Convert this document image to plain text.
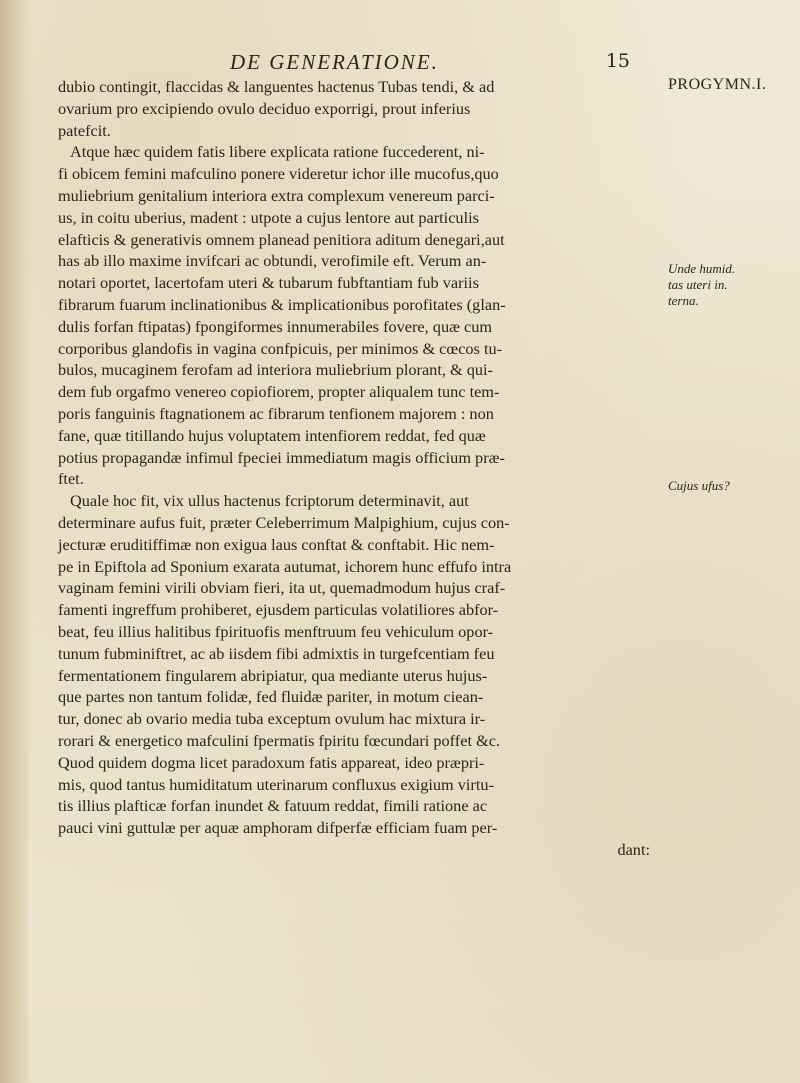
DE GENERATIONE.	15
dubio contingit, flaccidas & languentes hactenus Tubas tendi, & ad
ovarium pro excipiendo ovulo deciduo exporrigi, prout inferius
patefcit.
Atque hæc quidem fatis libere explicata ratione fuccederent, ni-
fi obicem femini mafculino ponere videretur ichor ille mucofus,quo
muliebrium genitalium interiora extra complexum venereum parci-
us, in coitu uberius, madent : utpote a cujus lentore aut particulis
elafticis & generativis omnem planead penitiora aditum denegari,aut
has ab illo maxime invifcari ac obtundi, verofimile eft. Verum an-
notari oportet, lacertofam uteri & tubarum fubftantiam fub variis
fibrarum fuarum inclinationibus & implicationibus porofitates (glan-
dulis forfan ftipatas) fpongiformes innumerabiles fovere, quæ cum
corporibus glandofis in vagina confpicuis, per minimos & cœcos tu-
bulos, mucaginem ferofam ad interiora muliebrium plorant, & qui-
dem fub orgafmo venereo copiofiorem, propter aliqualem tunc tem-
poris fanguinis ftagnationem ac fibrarum tenfionem majorem : non
fane, quæ titillando hujus voluptatem intenfiorem reddat, fed quæ
potius propagandæ infimul fpeciei immediatum magis officium præ-
ftet.
Quale hoc fit, vix ullus hactenus fcriptorum determinavit, aut
determinare aufus fuit, præter Celeberrimum Malpighium, cujus con-
jecturæ eruditiffimæ non exigua laus conftat & conftabit. Hic nem-
pe in Epiftola ad Sponium exarata autumat, ichorem hunc effufo intra
vaginam femini virili obviam fieri, ita ut, quemadmodum hujus craf-
famenti ingreffum prohiberet, ejusdem particulas volatiliores abfor-
beat, feu illius halitibus fpirituofis menftruum feu vehiculum opor-
tunum fubminiftret, ac ab iisdem fibi admixtis in turgefcentiam feu
fermentationem fingularem abripiatur, qua mediante uterus hujus-
que partes non tantum folidæ, fed fluidæ pariter, in motum ciean-
tur, donec ab ovario media tuba exceptum ovulum hac mixtura ir-
rorari & energetico mafculini fpermatis fpiritu fœcundari poffet &c.
Quod quidem dogma licet paradoxum fatis appareat, ideo præpri-
mis, quod tantus humiditatum uterinarum confluxus exigium virtu-
tis illius plafticæ forfan inundet & fatuum reddat, fimili ratione ac
pauci vini guttulæ per aquæ amphoram difperfæ efficiam fuam per-
dant:
PROGYMN.I.
Unde humid.
tas uteri in.
terna.
Cujus ufus?
